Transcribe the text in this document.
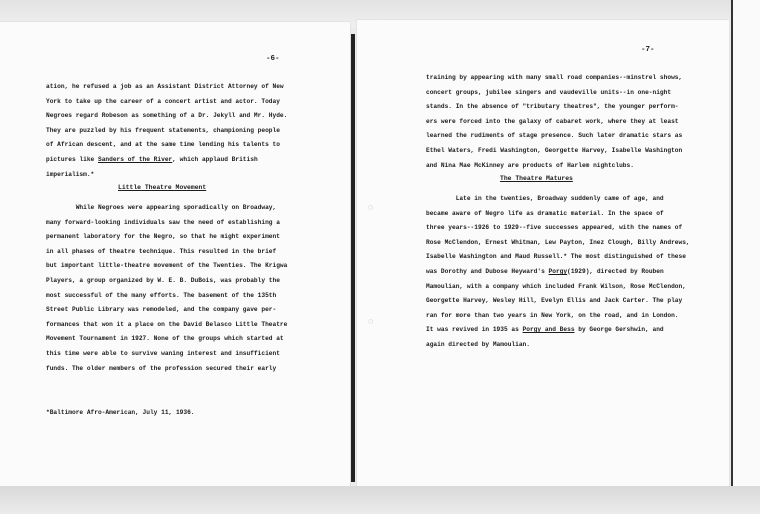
-6-
ation, he refused a job as an Assistant District Attorney of New
York to take up the career of a concert artist and actor. Today
Negroes regard Robeson as something of a Dr. Jekyll and Mr. Hyde.
They are puzzled by his frequent statements, championing people
of African descent, and at the same time lending his talents to
pictures like Sanders of the River, which applaud British
imperialism.*
Little Theatre Movement
While Negroes were appearing sporadically on Broadway,
many forward-looking individuals saw the need of establishing a
permanent laboratory for the Negro, so that he might experiment
in all phases of theatre technique. This resulted in the brief
but important little-theatre movement of the Twenties. The Krigwa
Players, a group organized by W. E. B. DuBois, was probably the
most successful of the many efforts. The basement of the 135th
Street Public Library was remodeled, and the company gave per-
formances that won it a place on the David Belasco Little Theatre
Movement Tournament in 1927. None of the groups which started at
this time were able to survive waning interest and insufficient
funds. The older members of the profession secured their early
*Baltimore Afro-American, July 11, 1936.
-7-
training by appearing with many small road companies--minstrel shows,
concert groups, jubilee singers and vaudeville units--in one-night
stands. In the absence of "tributary theatres", the younger perform-
ers were forced into the galaxy of cabaret work, where they at least
learned the rudiments of stage presence. Such later dramatic stars as
Ethel Waters, Fredi Washington, Georgette Harvey, Isabelle Washington
and Nina Mae McKinney are products of Harlem nightclubs.
The Theatre Matures
Late in the twenties, Broadway suddenly came of age, and
became aware of Negro life as dramatic material. In the space of
three years--1926 to 1929--five successes appeared, with the names of
Rose McClendon, Ernest Whitman, Lew Payton, Inez Clough, Billy Andrews,
Isabelle Washington and Maud Russell.* The most distinguished of these
was Dorothy and Dubose Heyward's Porgy(1929), directed by Rouben
Mamoulian, with a company which included Frank Wilson, Rose McClendon,
Georgette Harvey, Wesley Hill, Evelyn Ellis and Jack Carter. The play
ran for more than two years in New York, on the road, and in London.
It was revived in 1935 as Porgy and Bess by George Gershwin, and
again directed by Mamoulian.
◌
◌
